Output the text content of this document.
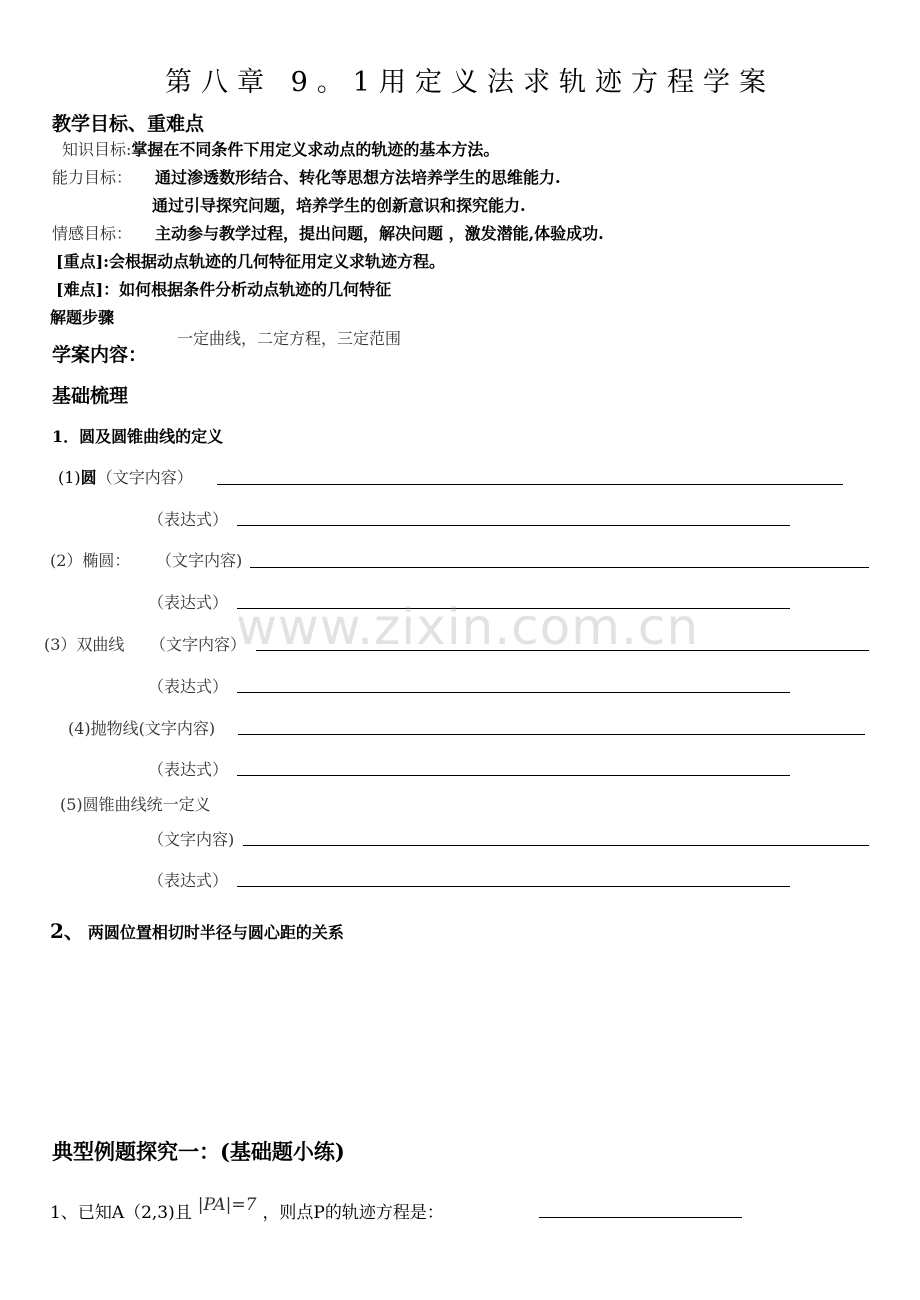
第八章 9。1用定义法求轨迹方程学案
教学目标、重难点
知识目标:掌握在不同条件下用定义求动点的轨迹的基本方法。
能力目标： 通过渗透数形结合、转化等思想方法培养学生的思维能力.
通过引导探究问题，培养学生的创新意识和探究能力.
情感目标： 主动参与教学过程，提出问题，解决问题 ，激发潜能,体验成功.
[重点]:会根据动点轨迹的几何特征用定义求轨迹方程。
[难点]：如何根据条件分析动点轨迹的几何特征
解题步骤
一定曲线，二定方程，三定范围
学案内容：
基础梳理
1．圆及圆锥曲线的定义
(1)圆（文字内容）
（表达式）
(2）椭圆： （文字内容)
（表达式） www.zixin.com.cn
(3）双曲线 （文字内容）
（表达式）
(4)抛物线(文字内容)
（表达式）
(5)圆锥曲线统一定义
（文字内容)
（表达式）
2、 两圆位置相切时半径与圆心距的关系
典型例题探究一：(基础题小练)
1、已知A（2,3)且 |PA|=7 ，则点P的轨迹方程是：
